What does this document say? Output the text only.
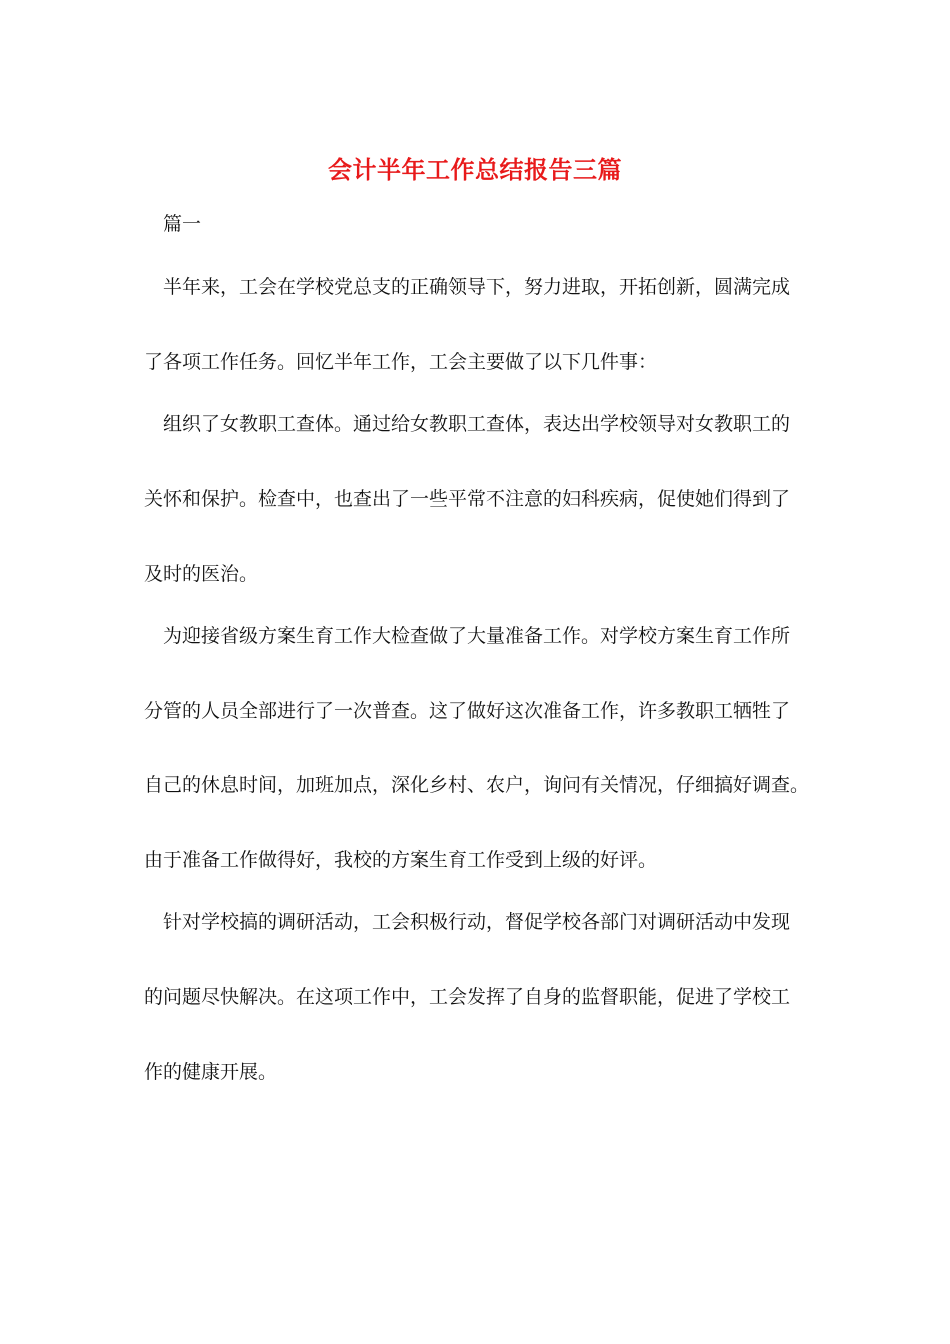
会计半年工作总结报告三篇
篇一
半年来，工会在学校党总支的正确领导下，努力进取，开拓创新，圆满完成
了各项工作任务。回忆半年工作，工会主要做了以下几件事：
组织了女教职工查体。通过给女教职工查体，表达出学校领导对女教职工的
关怀和保护。检查中，也查出了一些平常不注意的妇科疾病，促使她们得到了
及时的医治。
为迎接省级方案生育工作大检查做了大量准备工作。对学校方案生育工作所
分管的人员全部进行了一次普查。这了做好这次准备工作，许多教职工牺牲了
自己的休息时间，加班加点，深化乡村、农户，询问有关情况，仔细搞好调查。
由于准备工作做得好，我校的方案生育工作受到上级的好评。
针对学校搞的调研活动，工会积极行动，督促学校各部门对调研活动中发现
的问题尽快解决。在这项工作中，工会发挥了自身的监督职能，促进了学校工
作的健康开展。
